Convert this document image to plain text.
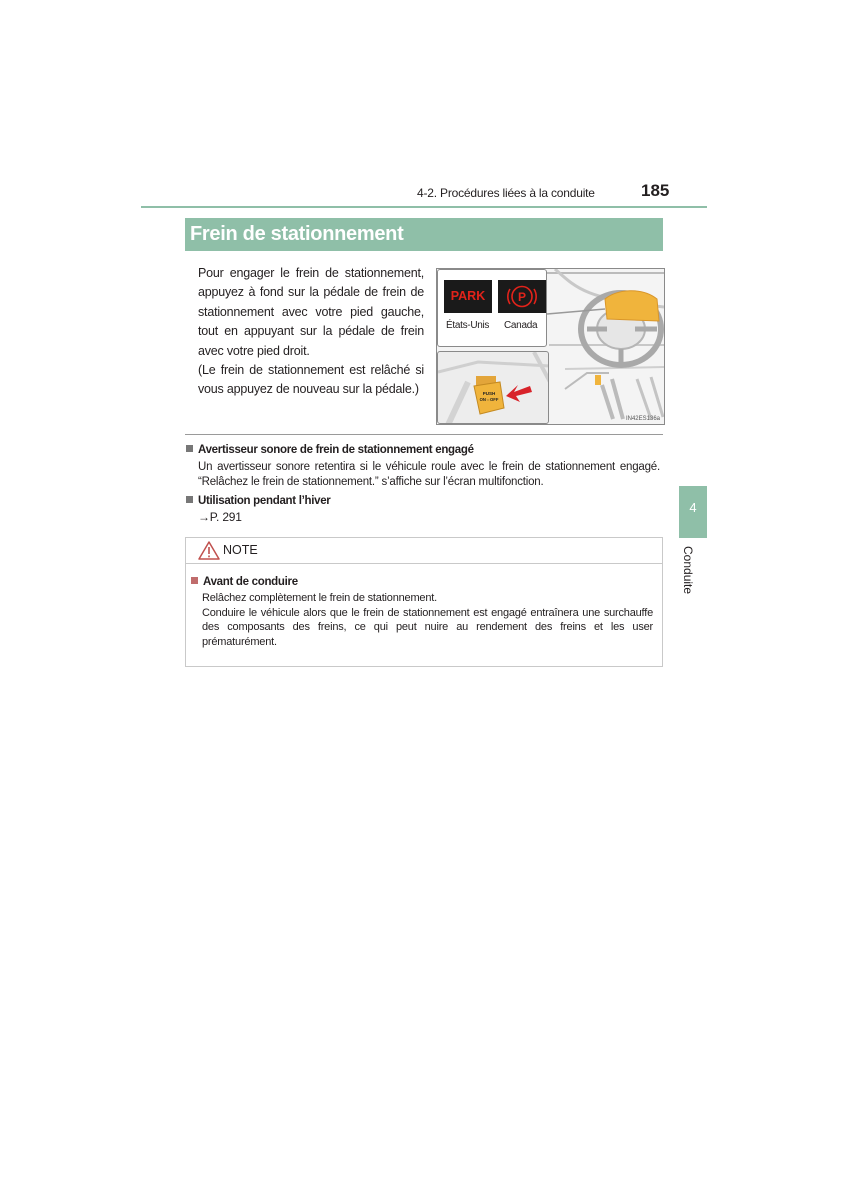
4-2. Procédures liées à la conduite	185
Frein de stationnement
Pour engager le frein de stationnement, appuyez à fond sur la pédale de frein de stationnement avec votre pied gauche, tout en appuyant sur la pédale de frein avec votre pied droit.
(Le frein de stationnement est relâché si vous appuyez de nouveau sur la pédale.)
PARK	P
États-Unis Canada
PUSH
ON⇔OFF
IN42ES136a
Avertisseur sonore de frein de stationnement engagé
Un avertisseur sonore retentira si le véhicule roule avec le frein de stationnement engagé. “Relâchez le frein de stationnement.” s’affiche sur l’écran multifonction.
Utilisation pendant l’hiver
→P. 291
NOTE
Avant de conduire
Relâchez complètement le frein de stationnement.
Conduire le véhicule alors que le frein de stationnement est engagé entraînera une surchauffe des composants des freins, ce qui peut nuire au rendement des freins et les user prématurément.
4
Conduite
